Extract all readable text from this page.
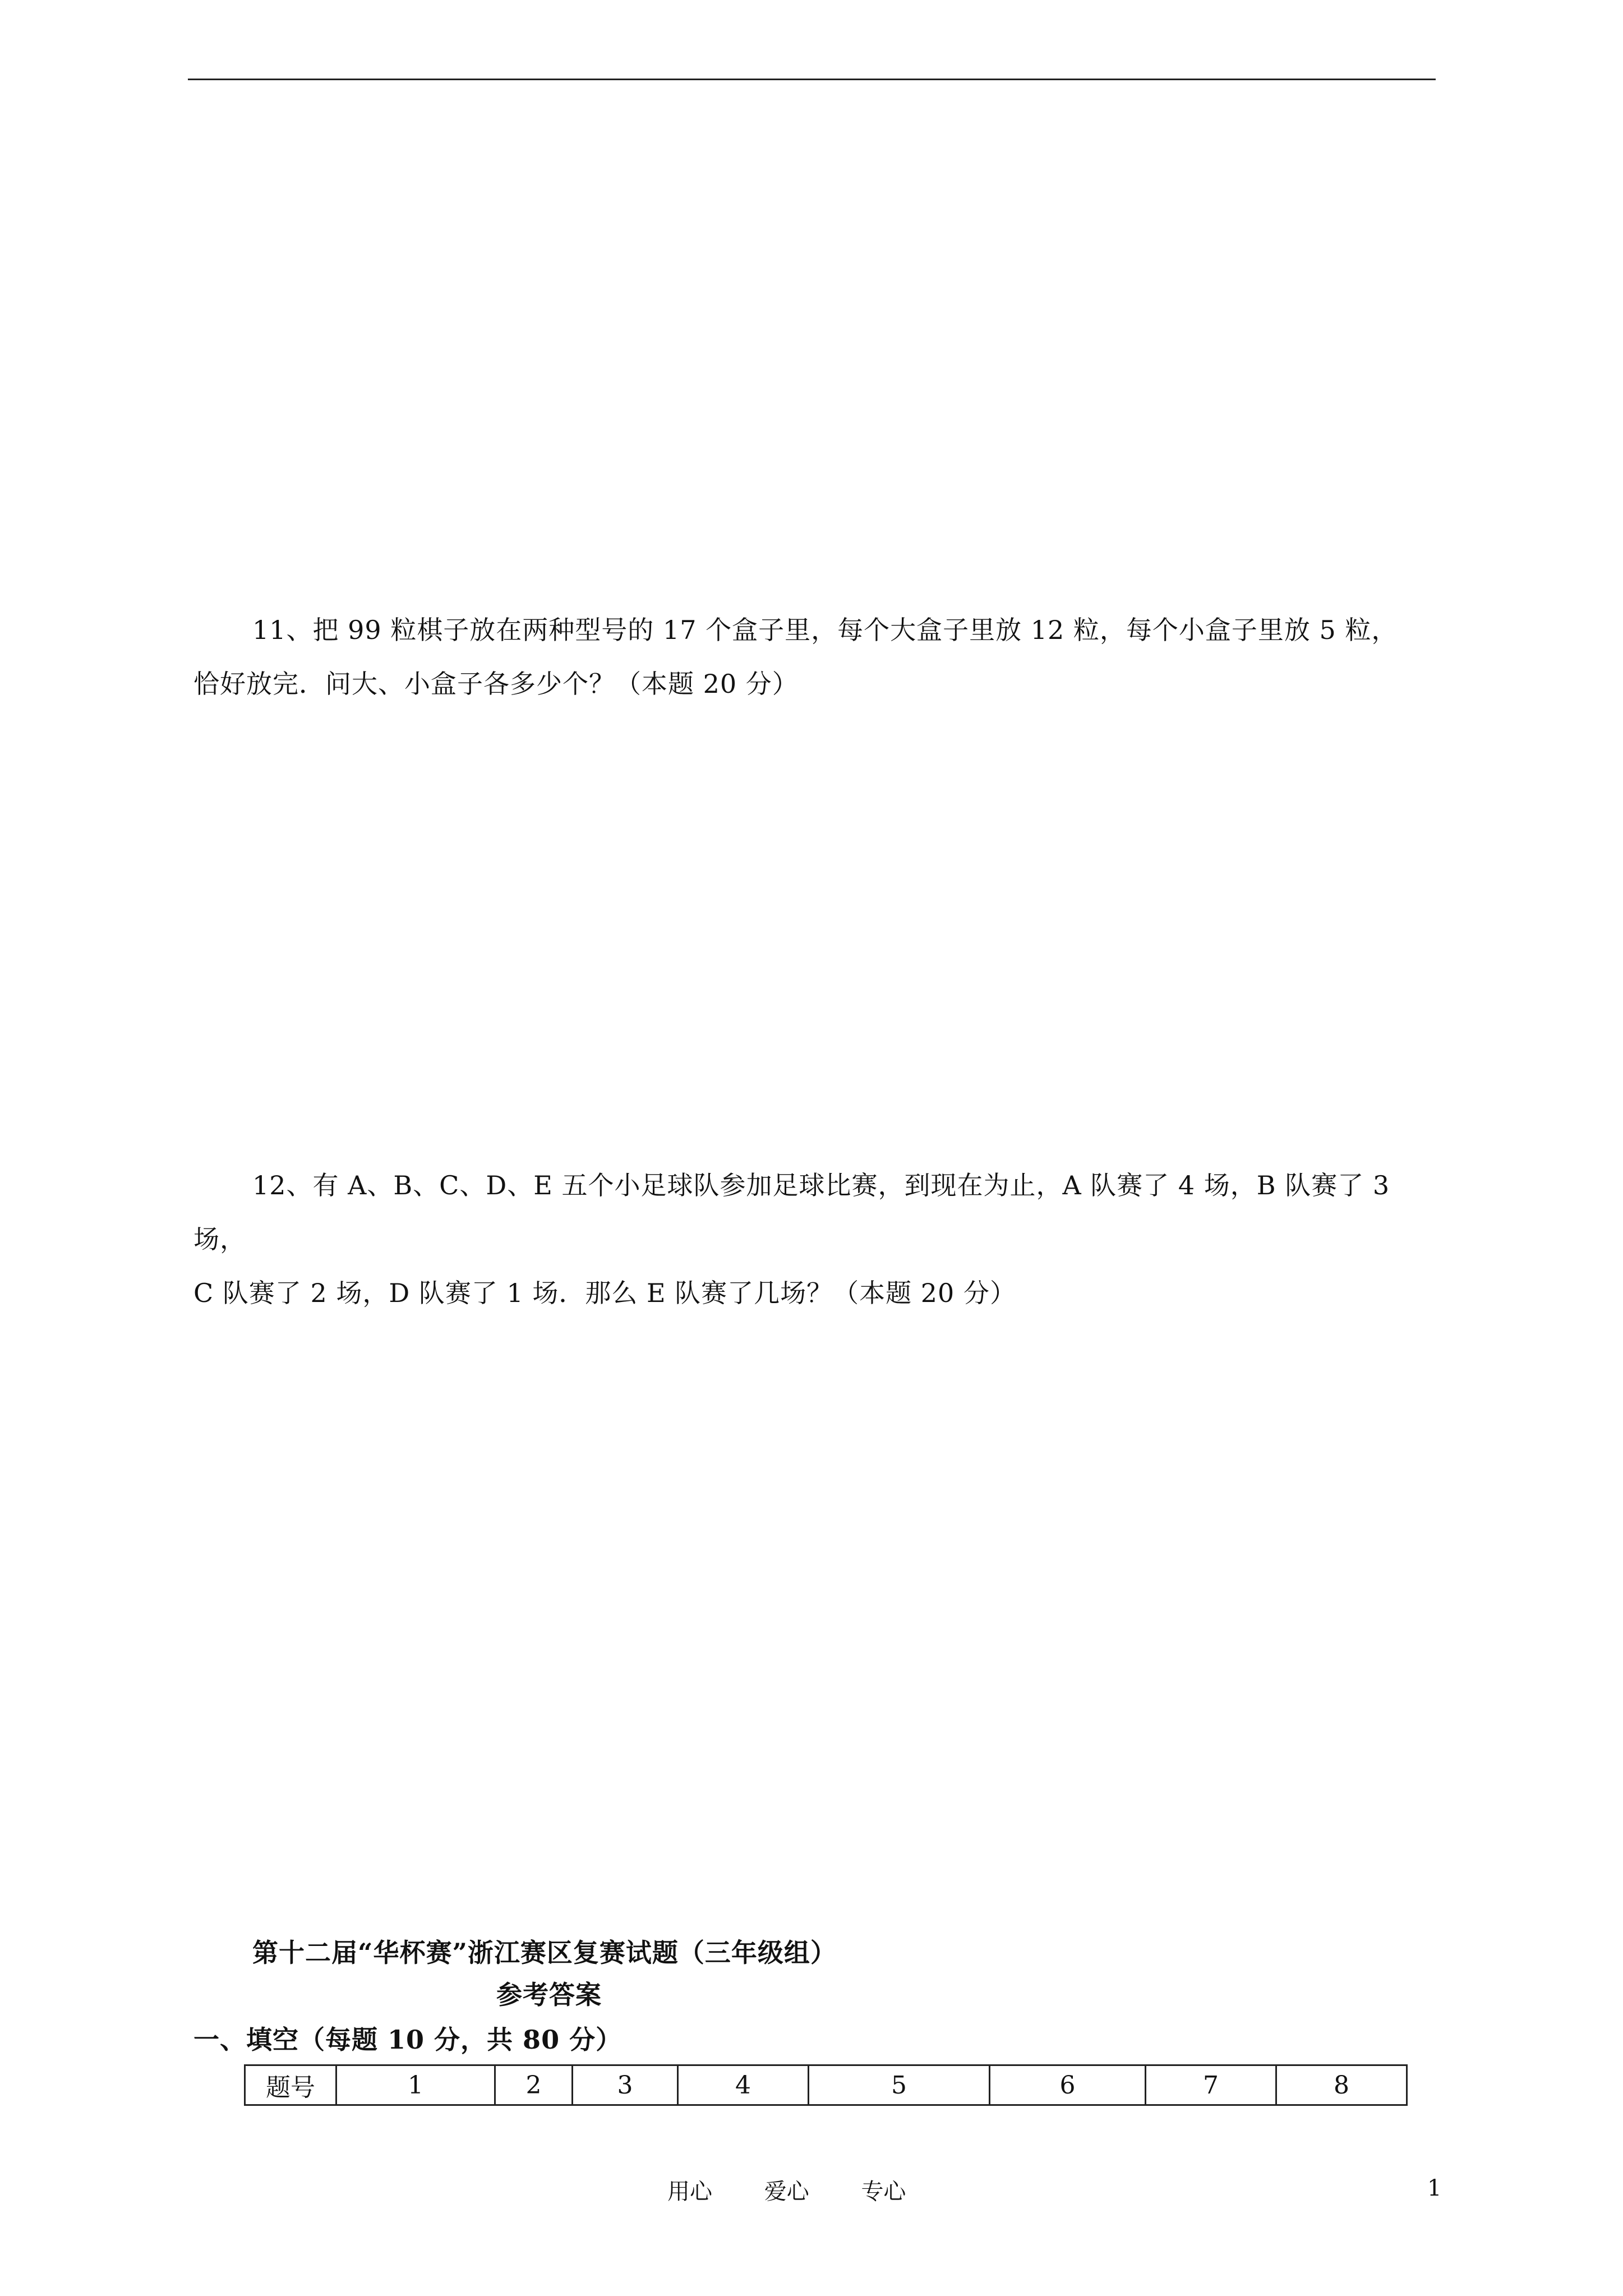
11、把 99 粒棋子放在两种型号的 17 个盒子里，每个大盒子里放 12 粒，每个小盒子里放 5 粒，
恰好放完．问大、小盒子各多少个？（本题 20 分）
12、有 A、B、C、D、E 五个小足球队参加足球比赛，到现在为止，A 队赛了 4 场，B 队赛了 3 场，
C 队赛了 2 场，D 队赛了 1 场．那么 E 队赛了几场？（本题 20 分）
第十二届“华杯赛”浙江赛区复赛试题（三年级组）
参考答案
一、填空（每题 10 分，共 80 分）
题号	1	2	3	4	5	6	7	8
用心 爱心 专心	1
